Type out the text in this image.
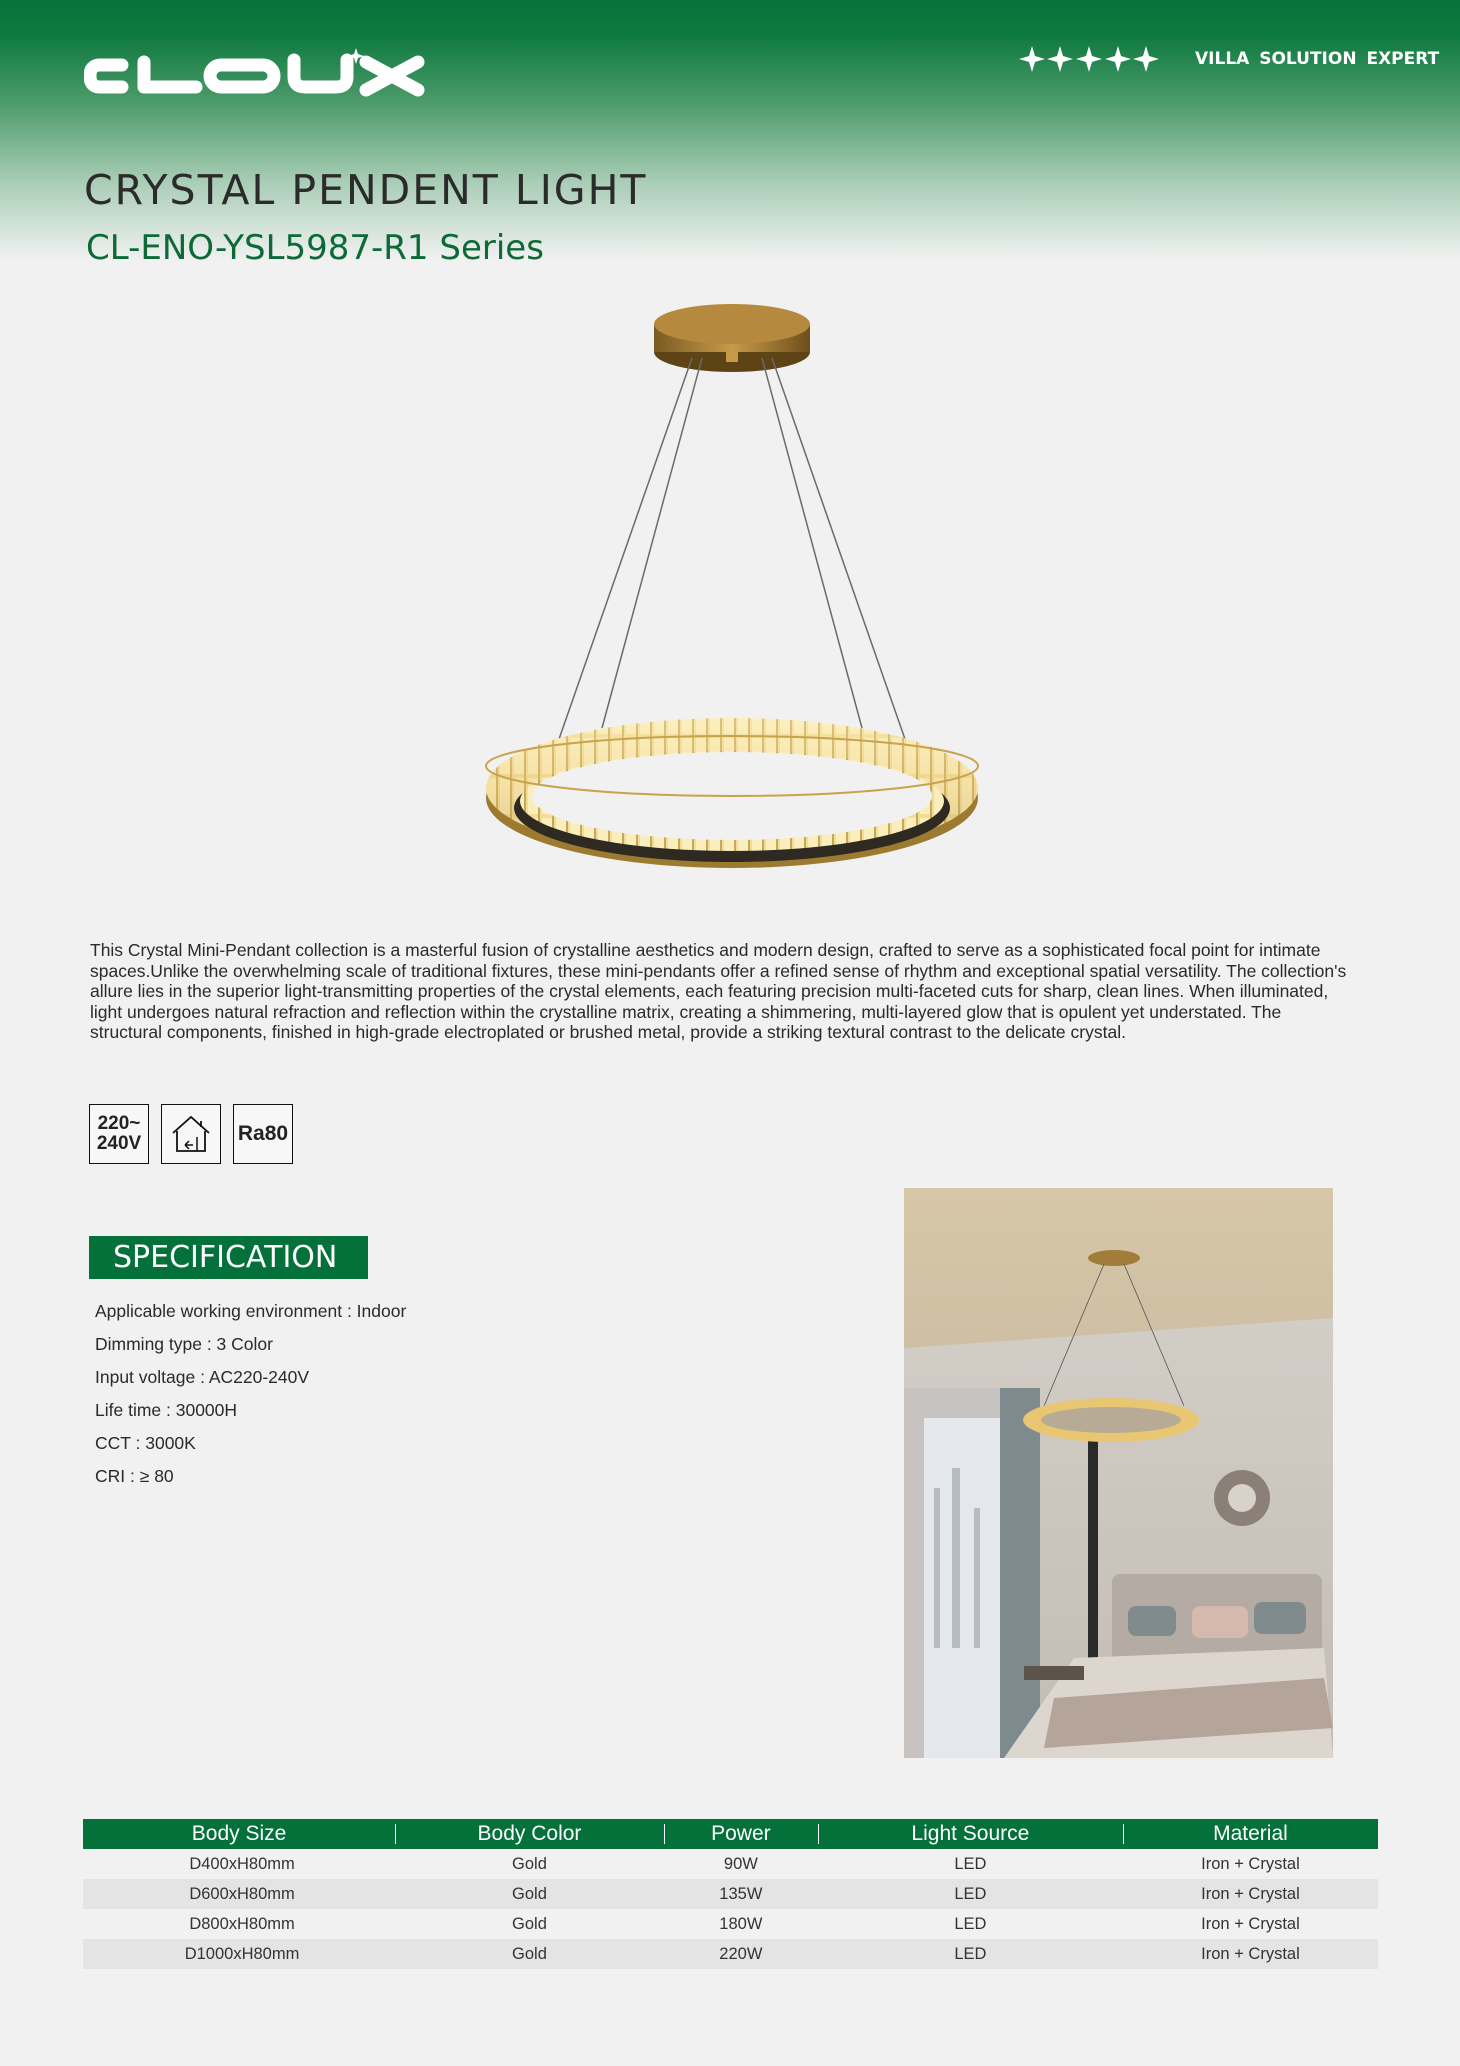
VILLA SOLUTION EXPERT
CRYSTAL PENDENT LIGHT
CL-ENO-YSL5987-R1 Series

This Crystal Mini-Pendant collection is a masterful fusion of crystalline aesthetics and modern design, crafted to serve as a sophisticated focal point for intimate spaces.Unlike the overwhelming scale of traditional fixtures, these mini-pendants offer a refined sense of rhythm and exceptional spatial versatility. The collection's allure lies in the superior light-transmitting properties of the crystal elements, each featuring precision multi-faceted cuts for sharp, clean lines. When illuminated, light undergoes natural refraction and reflection within the crystalline matrix, creating a shimmering, multi-layered glow that is opulent yet understated. The structural components, finished in high-grade electroplated or brushed metal, provide a striking textural contrast to the delicate crystal.

220~
240V	Ra80
SPECIFICATION
Applicable working environment : Indoor
Dimming type : 3 Color
Input voltage : AC220-240V
Life time : 30000H
CCT : 3000K
CRI : ≥ 80
Body Size	Body Color	Power	Light Source	Material
D400xH80mm	Gold	90W	LED	Iron + Crystal
D600xH80mm	Gold	135W	LED	Iron + Crystal
D800xH80mm	Gold	180W	LED	Iron + Crystal
D1000xH80mm	Gold	220W	LED	Iron + Crystal
